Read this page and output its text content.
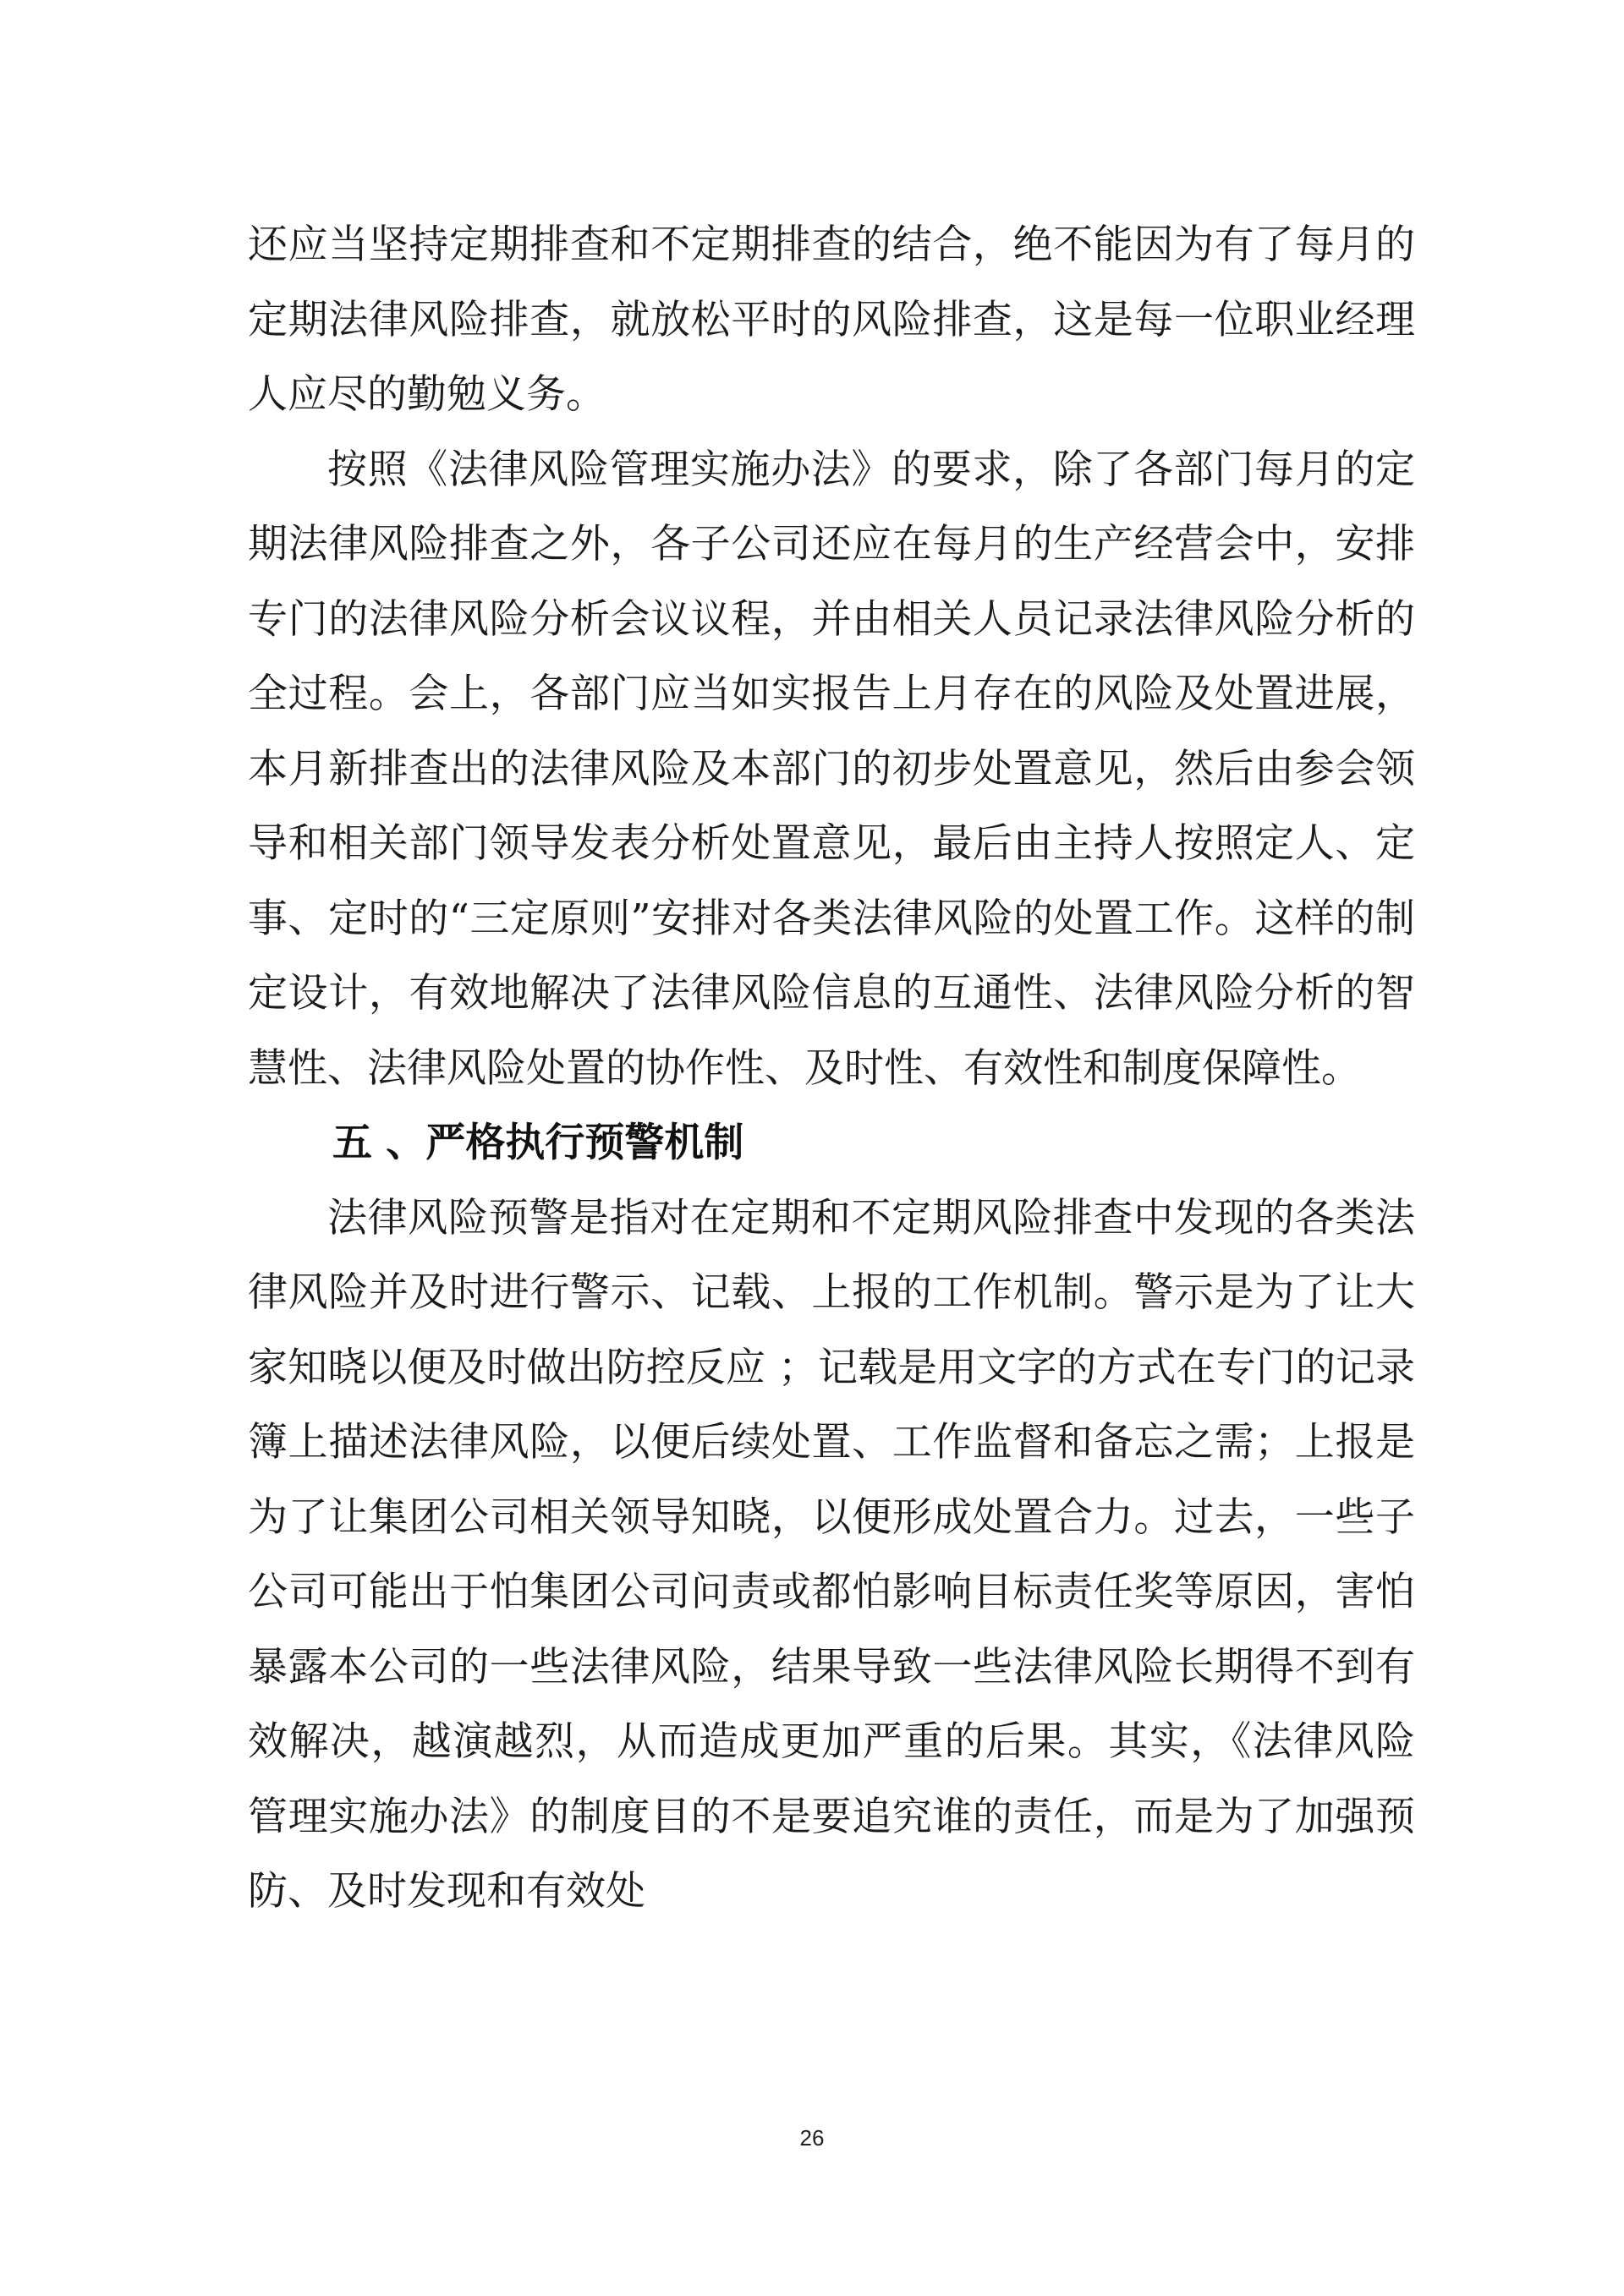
还应当坚持定期排查和不定期排查的结合，绝不能因为有了每月的定期法律风险排查，就放松平时的风险排查，这是每一位职业经理人应尽的勤勉义务。

按照《法律风险管理实施办法》的要求，除了各部门每月的定期法律风险排查之外，各子公司还应在每月的生产经营会中，安排专门的法律风险分析会议议程，并由相关人员记录法律风险分析的全过程。会上，各部门应当如实报告上月存在的风险及处置进展，本月新排查出的法律风险及本部门的初步处置意见，然后由参会领导和相关部门领导发表分析处置意见，最后由主持人按照定人、定事、定时的“三定原则”安排对各类法律风险的处置工作。这样的制定设计，有效地解决了法律风险信息的互通性、法律风险分析的智慧性、法律风险处置的协作性、及时性、有效性和制度保障性。

五 、严格执行预警机制

法律风险预警是指对在定期和不定期风险排查中发现的各类法律风险并及时进行警示、记载、上报的工作机制。警示是为了让大家知晓以便及时做出防控反应 ；记载是用文字的方式在专门的记录簿上描述法律风险，以便后续处置、工作监督和备忘之需；上报是为了让集团公司相关领导知晓，以便形成处置合力。过去，一些子公司可能出于怕集团公司问责或都怕影响目标责任奖等原因，害怕暴露本公司的一些法律风险，结果导致一些法律风险长期得不到有效解决，越演越烈，从而造成更加严重的后果。其实，《法律风险管理实施办法》的制度目的不是要追究谁的责任，而是为了加强预防、及时发现和有效处

26
